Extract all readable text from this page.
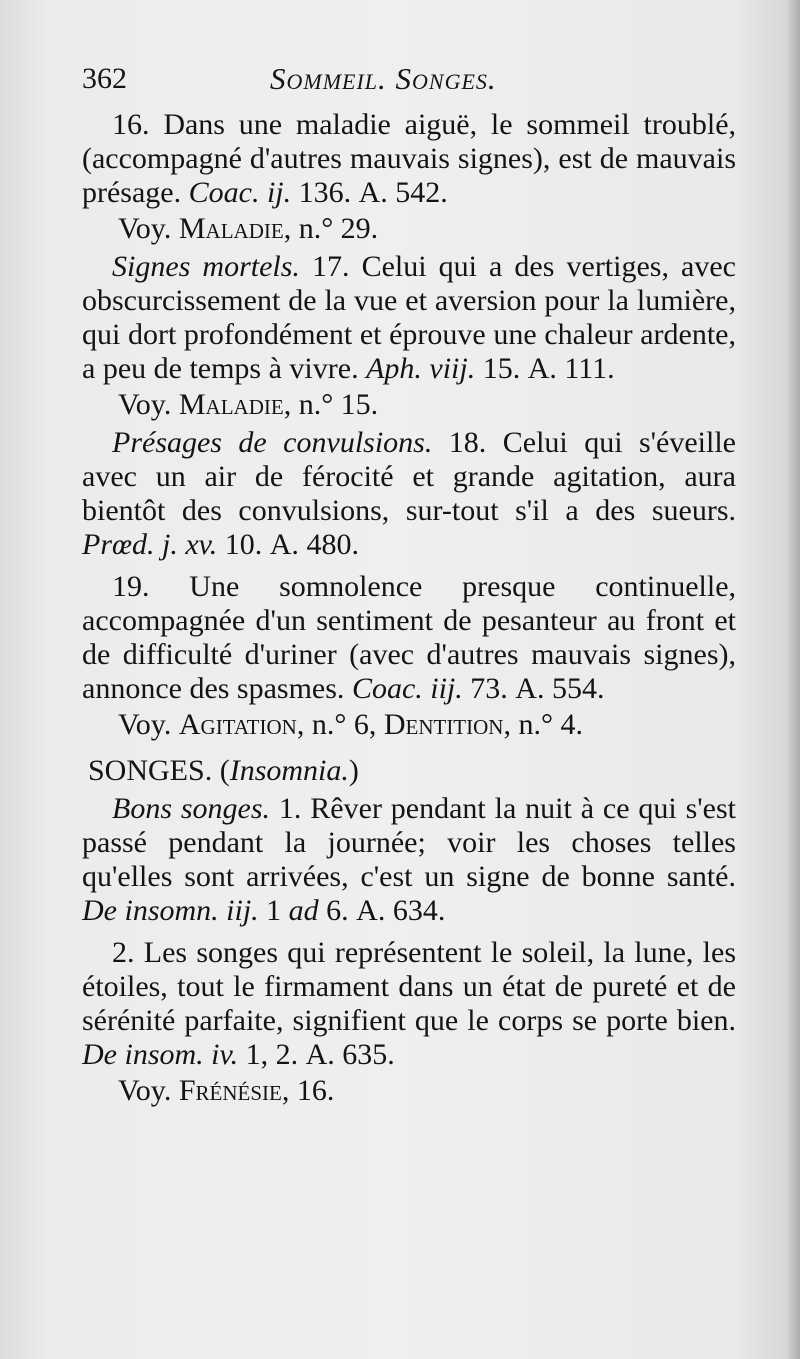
362	Sommeil. Songes.

16. Dans une maladie aiguë, le sommeil troublé, (accompagné d'autres mauvais signes), est de mauvais présage. Coac. ij. 136. A. 542.

Voy. Maladie, n.° 29.

Signes mortels. 17. Celui qui a des vertiges, avec obscurcissement de la vue et aversion pour la lumière, qui dort profondément et éprouve une chaleur ardente, a peu de temps à vivre. Aph. viij. 15. A. 111.

Voy. Maladie, n.° 15.

Présages de convulsions. 18. Celui qui s'éveille avec un air de férocité et grande agitation, aura bientôt des convulsions, sur-tout s'il a des sueurs. Prœd. j. xv. 10. A. 480.

19. Une somnolence presque continuelle, accompagnée d'un sentiment de pesanteur au front et de difficulté d'uriner (avec d'autres mauvais signes), annonce des spasmes. Coac. iij. 73. A. 554.

Voy. Agitation, n.° 6, Dentition, n.° 4.

SONGES. (Insomnia.)

Bons songes. 1. Rêver pendant la nuit à ce qui s'est passé pendant la journée; voir les choses telles qu'elles sont arrivées, c'est un signe de bonne santé. De insomn. iij. 1 ad 6. A. 634.

2. Les songes qui représentent le soleil, la lune, les étoiles, tout le firmament dans un état de pureté et de sérénité parfaite, signifient que le corps se porte bien. De insom. iv. 1, 2. A. 635.

Voy. Frénésie, 16.
